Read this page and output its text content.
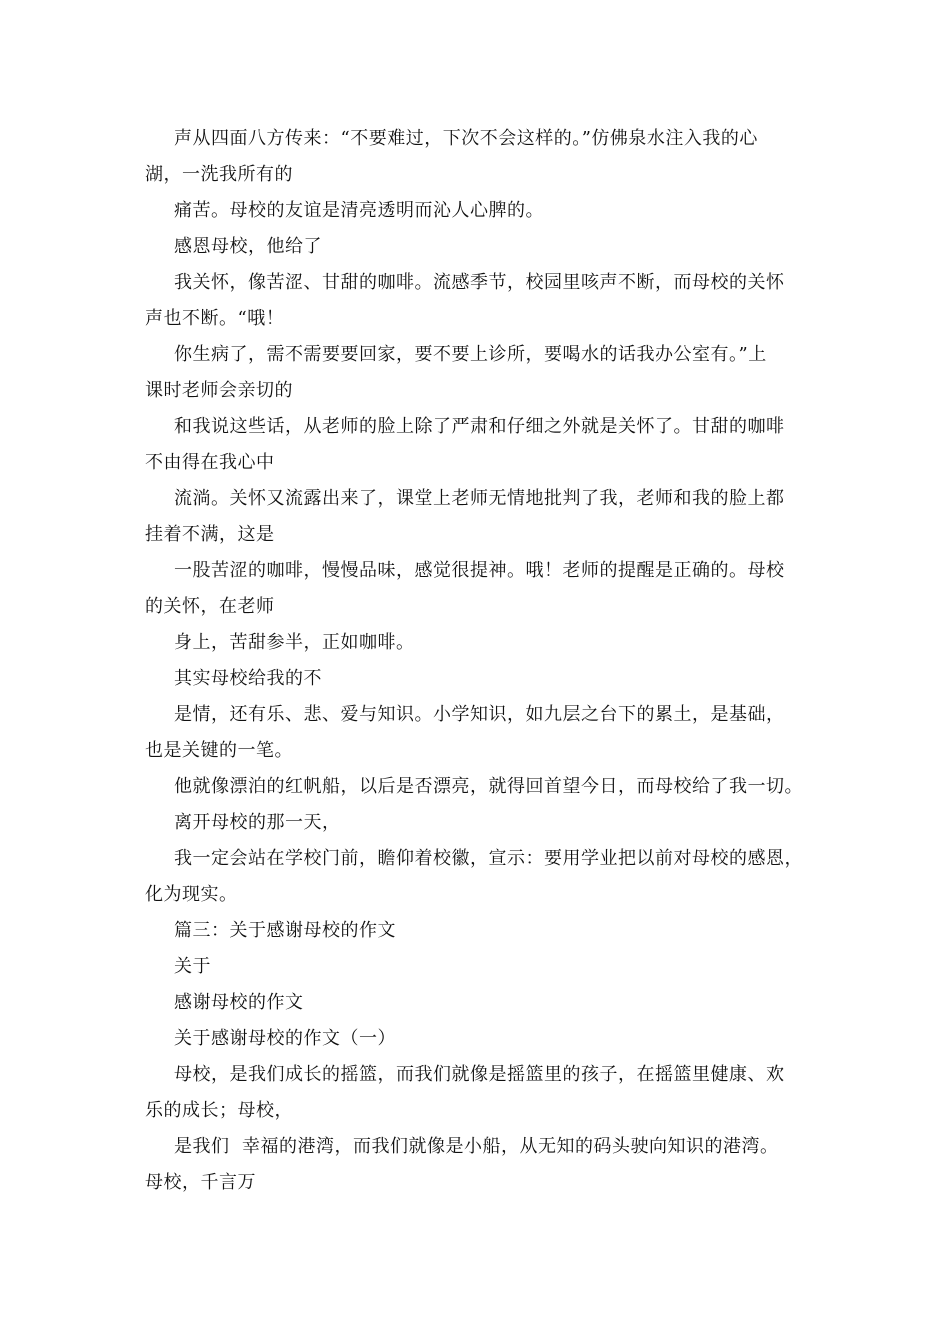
声从四面八方传来：“不要难过，下次不会这样的。”仿佛泉水注入我的心
湖，一洗我所有的

痛苦。母校的友谊是清亮透明而沁人心脾的。

感恩母校，他给了

我关怀，像苦涩、甘甜的咖啡。流感季节，校园里咳声不断，而母校的关怀
声也不断。“哦！

你生病了，需不需要要回家，要不要上诊所，要喝水的话我办公室有。”上
课时老师会亲切的

和我说这些话，从老师的脸上除了严肃和仔细之外就是关怀了。甘甜的咖啡
不由得在我心中

流淌。关怀又流露出来了，课堂上老师无情地批判了我，老师和我的脸上都
挂着不满，这是

一股苦涩的咖啡，慢慢品味，感觉很提神。哦！老师的提醒是正确的。母校
的关怀，在老师

身上，苦甜参半，正如咖啡。

其实母校给我的不

是情，还有乐、悲、爱与知识。小学知识，如九层之台下的累土，是基础，
也是关键的一笔。

他就像漂泊的红帆船，以后是否漂亮，就得回首望今日，而母校给了我一切。

离开母校的那一天，

我一定会站在学校门前，瞻仰着校徽，宣示：要用学业把以前对母校的感恩，
化为现实。

篇三：关于感谢母校的作文

关于

感谢母校的作文

关于感谢母校的作文（一）

母校，是我们成长的摇篮，而我们就像是摇篮里的孩子，在摇篮里健康、欢
乐的成长；母校，

是我们  幸福的港湾，而我们就像是小船，从无知的码头驶向知识的港湾。
母校，千言万
